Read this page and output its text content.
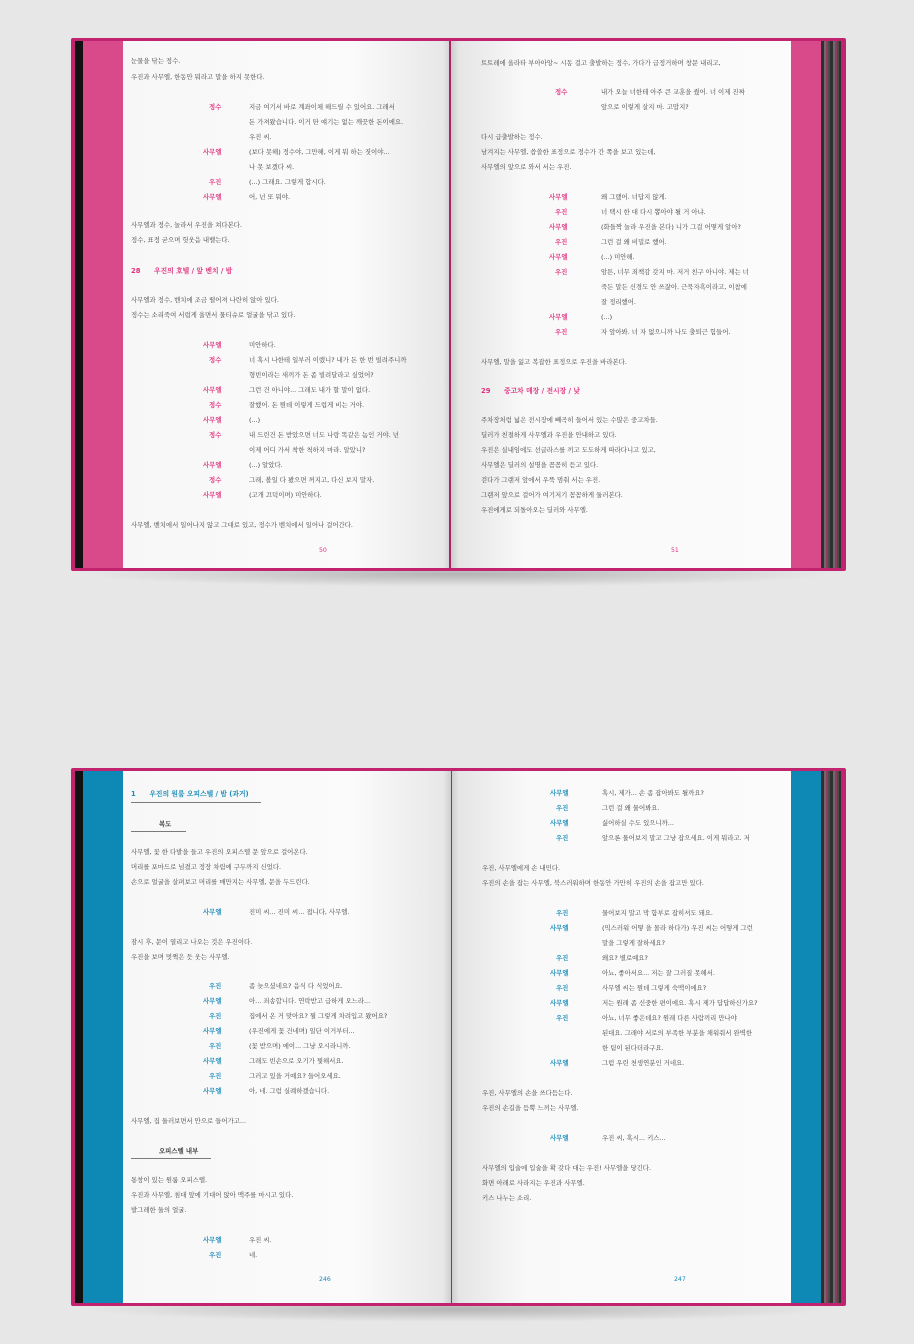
눈물을 닦는 정수.
우진과 사무엘, 한동안 뭐라고 말을 하지 못한다.
정수	지금 여기서 바로 계좌이체 해드릴 수 있어요. 그래서
돈 가져왔습니다. 이거 딴 얘기는 없는 깨끗한 돈이에요.
우진 씨.
사무엘	(보다 못해) 정수야, 그만해, 이게 뭐 하는 짓이야...
나 못 보겠다 씨.
우진	(...) 그래요. 그렇게 합시다.
사무엘	어, 넌 또 뭐야.
사무엘과 정수, 놀라서 우진을 쳐다본다.
정수, 표정 굳으며 헛웃음 내뱉는다.
28　　우진의 호텔 / 앞 벤치 / 밤
사무엘과 정수, 벤치에 조금 떨어져 나란히 앉아 있다.
정수는 소리죽여 서럽게 울면서 물티슈로 얼굴을 닦고 있다.
사무엘	미안하다.
정수	너 혹시 나한테 일부러 이랬니? 내가 돈 한 번 빌려주니까
형빈이라는 새끼가 돈 좀 빌려달라고 싶었어?
사무엘	그런 건 아니야... 그래도 내가 할 말이 없다.
정수	잘했어. 돈 뭔데 이렇게 드럽게 비는 거야.
사무엘	(...)
정수	내 드린건 돈 받았으면 너도 나랑 똑같은 놈인 거야. 넌
이제 어디 가서 착한 척하지 마라. 알았니?
사무엘	(...) 알았다.
정수	그래, 볼일 다 봤으면 꺼지고, 다신 보지 말자.
사무엘	(고개 끄덕이며) 미안하다.
사무엘, 벤치에서 일어나지 않고 그대로 있고, 정수가 벤치에서 일어나 걸어간다.
50
트트레에 올라타 부아아앙~ 시동 걸고 출발하는 정수, 가다가 급정거하며 창문 내리고,
정수	내가 오늘 너한테 아주 큰 교훈을 줬어. 너 이제 진짜
앞으로 이렇게 살지 마. 고맙지?
다시 급출발하는 정수.
남겨지는 사무엘, 씁쓸한 표정으로 정수가 간 쪽을 보고 있는데,
사무엘의 앞으로 와서 서는 우진.
사무엘	왜 그랬어. 너답지 않게.
우진	너 택시 한 대 다시 뽑아야 될 거 아냐.
사무엘	(화들짝 놀라 우진을 본다) 니가 그걸 어떻게 알아?
우진	그런 걸 왜 비밀로 했어.
사무엘	(...) 미안해.
우진	암튼, 너무 죄책감 갖지 마. 저거 친구 아니야. 제는 너
죽든 말든 신경도 안 쓰잖아. 근묵자흑이라고, 이참에
잘 정리했어.
사무엘	(...)
우진	자 앞아봐. 너 자 없으니까 나도 출퇴근 힘들어.
사무엘, 말을 잃고 복잡한 표정으로 우진을 바라본다.
29　　중고차 매장 / 전시장 / 낮
주차장처럼 넓은 전시장에 빼곡히 들어서 있는 수많은 중고차들.
딜러가 친절하게 사무엘과 우진을 안내하고 있다.
우진은 실내임에도 선글라스를 끼고 도도하게 따라다니고 있고,
사무엘은 딜러의 설명을 꼼꼼히 듣고 있다.
걷다가 그랜저 앞에서 우뚝 멈춰 서는 우진.
그랜저 앞으로 걸어가 여기저기 꼼꼼하게 둘러본다.
우진에게로 되돌아오는 딜러와 사무엘.
51
1　　우진의 원룸 오피스텔 / 밤 (과거)
복도
사무엘, 꽃 한 다발을 들고 우진의 오피스텔 문 앞으로 걸어온다.
머리를 포마드로 넘겼고 정장 차림에 구두까지 신었다.
손으로 얼굴을 살펴보고 머리를 매만지는 사무엘, 문을 두드린다.
사무엘	진미 씨... 진미 씨... 접니다, 사무엘.
잠시 후, 문이 열리고 나오는 것은 우진이다.
우진을 보며 멋쩍은 듯 웃는 사무엘.
우진	좀 늦으셨네요? 음식 다 식었어요.
사무엘	아... 죄송합니다. 연락받고 급하게 오느라...
우진	집에서 온 거 맞아요? 뭘 그렇게 차려입고 왔어요?
사무엘	(우진에게 꽃 건네며) 일단 이거부터...
우진	(꽃 받으며) 에이... 그냥 오시라니까.
사무엘	그래도 빈손으로 오기가 뭣해서요.
우진	그러고 있을 거예요? 들어오세요.
사무엘	아, 네. 그럼 실례하겠습니다.
사무엘, 집 둘러보면서 안으로 들어가고...
오피스텔 내부
통창이 있는 원룸 오피스텔.
우진과 사무엘, 침대 앞에 기대어 앉아 맥주를 마시고 있다.
발그레한 둘의 얼굴.
사무엘	우진 씨.
우진	네.
246
사무엘	혹시, 제가... 손 좀 잡아봐도 될까요?
우진	그런 걸 왜 물어봐요.
사무엘	싫어하실 수도 있으니까...
우진	앞으론 물어보지 말고 그냥 잡으세요. 이게 뭐라고. 저
우진, 사무엘에게 손 내민다.
우진의 손을 잡는 사무엘, 북스러워하며 한동안 가만히 우진의 손을 잡고만 있다.
우진	물어보지 말고 막 함부로 잡히셔도 돼요.
사무엘	(믹스러워 어떻 을 몰라 하다가) 우진 씨는 어떻게 그런
말을 그렇게 잘하세요?
우진	왜요? 별로예요?
사무엘	아뇨, 좋아서요... 저는 잘 그러질 못해서.
우진	사무엘 씨는 뭔데 그렇게 숙맥이에요?
사무엘	저는 원래 좀 신중한 편이에요. 혹시 제가 답답하신가요?
우진	아뇨, 너무 좋은데요? 원래 다른 사람끼리 만나야
된대요. 그래야 서로의 부족한 부분을 채워줘서 완벽한
한 팀이 된다더라구요.
사무엘	그럼 우린 천생연분인 거네요.
우진, 사무엘의 손을 쓰다듬는다.
우진의 손길을 듬뿍 느끼는 사무엘.
사무엘	우진 씨, 혹시... 키스...
사무엘의 입술에 입술을 확 갖다 대는 우진! 사무엘을 당긴다.
화면 아래로 사라지는 우진과 사무엘.
키스 나누는 소리.
247
